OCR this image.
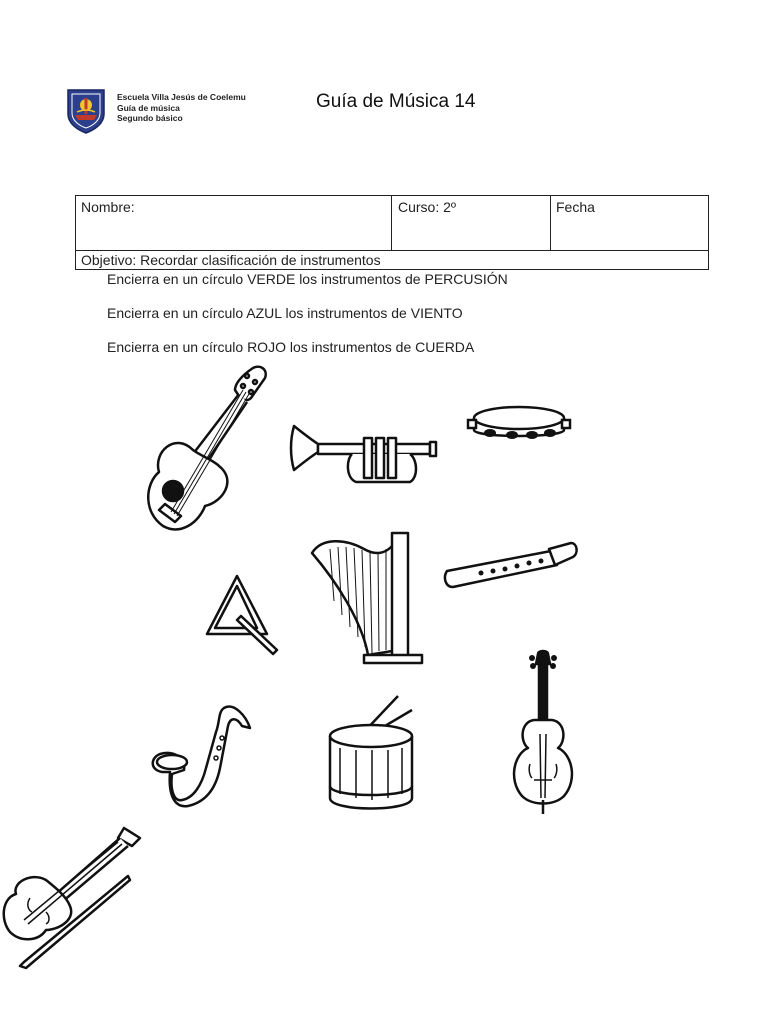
Escuela Villa Jesús de Coelemu
Guía de música
Segundo básico
Guía de Música 14
Nombre:	Curso: 2º	Fecha
Objetivo: Recordar clasificación de instrumentos
Encierra en un círculo VERDE los instrumentos de PERCUSIÓN
Encierra en un círculo AZUL los instrumentos de VIENTO
Encierra en un círculo ROJO los instrumentos de CUERDA
